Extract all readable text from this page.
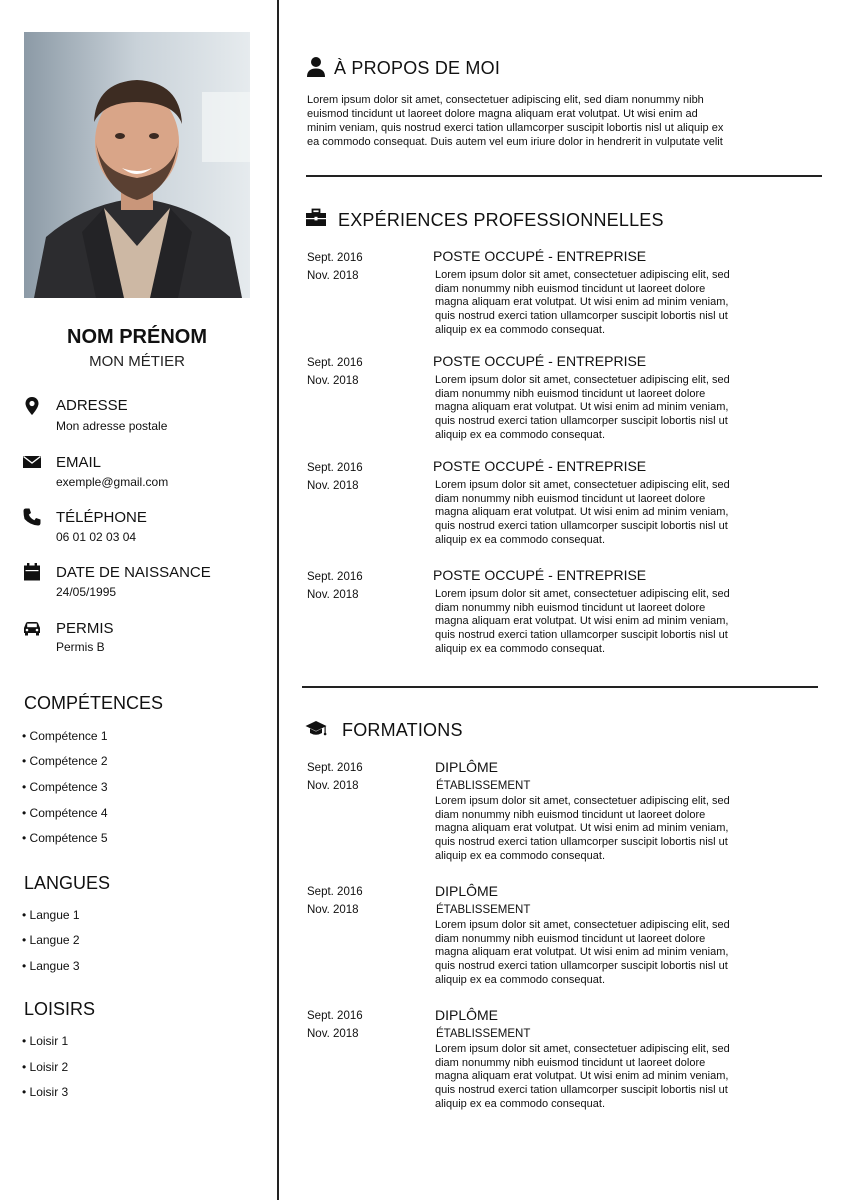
NOM PRÉNOM
MON MÉTIER
ADRESSE
Mon adresse postale
EMAIL
exemple@gmail.com
TÉLÉPHONE
06 01 02 03 04
DATE DE NAISSANCE
24/05/1995
PERMIS
Permis B
COMPÉTENCES
• Compétence 1
• Compétence 2
• Compétence 3
• Compétence 4
• Compétence 5
LANGUES
• Langue 1
• Langue 2
• Langue 3
LOISIRS
• Loisir 1
• Loisir 2
• Loisir 3
À PROPOS DE MOI
Lorem ipsum dolor sit amet, consectetuer adipiscing elit, sed diam nonummy nibh
euismod tincidunt ut laoreet dolore magna aliquam erat volutpat. Ut wisi enim ad
minim veniam, quis nostrud exerci tation ullamcorper suscipit lobortis nisl ut aliquip ex
ea commodo consequat. Duis autem vel eum iriure dolor in hendrerit in vulputate velit
EXPÉRIENCES PROFESSIONNELLES
Sept. 2016
Nov. 2018
POSTE OCCUPÉ - ENTREPRISE
Lorem ipsum dolor sit amet, consectetuer adipiscing elit, sed
diam nonummy nibh euismod tincidunt ut laoreet dolore
magna aliquam erat volutpat. Ut wisi enim ad minim veniam,
quis nostrud exerci tation ullamcorper suscipit lobortis nisl ut
aliquip ex ea commodo consequat.
Sept. 2016
Nov. 2018
POSTE OCCUPÉ - ENTREPRISE
Lorem ipsum dolor sit amet, consectetuer adipiscing elit, sed
diam nonummy nibh euismod tincidunt ut laoreet dolore
magna aliquam erat volutpat. Ut wisi enim ad minim veniam,
quis nostrud exerci tation ullamcorper suscipit lobortis nisl ut
aliquip ex ea commodo consequat.
Sept. 2016
Nov. 2018
POSTE OCCUPÉ - ENTREPRISE
Lorem ipsum dolor sit amet, consectetuer adipiscing elit, sed
diam nonummy nibh euismod tincidunt ut laoreet dolore
magna aliquam erat volutpat. Ut wisi enim ad minim veniam,
quis nostrud exerci tation ullamcorper suscipit lobortis nisl ut
aliquip ex ea commodo consequat.
Sept. 2016
Nov. 2018
POSTE OCCUPÉ - ENTREPRISE
Lorem ipsum dolor sit amet, consectetuer adipiscing elit, sed
diam nonummy nibh euismod tincidunt ut laoreet dolore
magna aliquam erat volutpat. Ut wisi enim ad minim veniam,
quis nostrud exerci tation ullamcorper suscipit lobortis nisl ut
aliquip ex ea commodo consequat.
FORMATIONS
Sept. 2016
Nov. 2018
DIPLÔME
ÉTABLISSEMENT
Lorem ipsum dolor sit amet, consectetuer adipiscing elit, sed
diam nonummy nibh euismod tincidunt ut laoreet dolore
magna aliquam erat volutpat. Ut wisi enim ad minim veniam,
quis nostrud exerci tation ullamcorper suscipit lobortis nisl ut
aliquip ex ea commodo consequat.
Sept. 2016
Nov. 2018
DIPLÔME
ÉTABLISSEMENT
Lorem ipsum dolor sit amet, consectetuer adipiscing elit, sed
diam nonummy nibh euismod tincidunt ut laoreet dolore
magna aliquam erat volutpat. Ut wisi enim ad minim veniam,
quis nostrud exerci tation ullamcorper suscipit lobortis nisl ut
aliquip ex ea commodo consequat.
Sept. 2016
Nov. 2018
DIPLÔME
ÉTABLISSEMENT
Lorem ipsum dolor sit amet, consectetuer adipiscing elit, sed
diam nonummy nibh euismod tincidunt ut laoreet dolore
magna aliquam erat volutpat. Ut wisi enim ad minim veniam,
quis nostrud exerci tation ullamcorper suscipit lobortis nisl ut
aliquip ex ea commodo consequat.
